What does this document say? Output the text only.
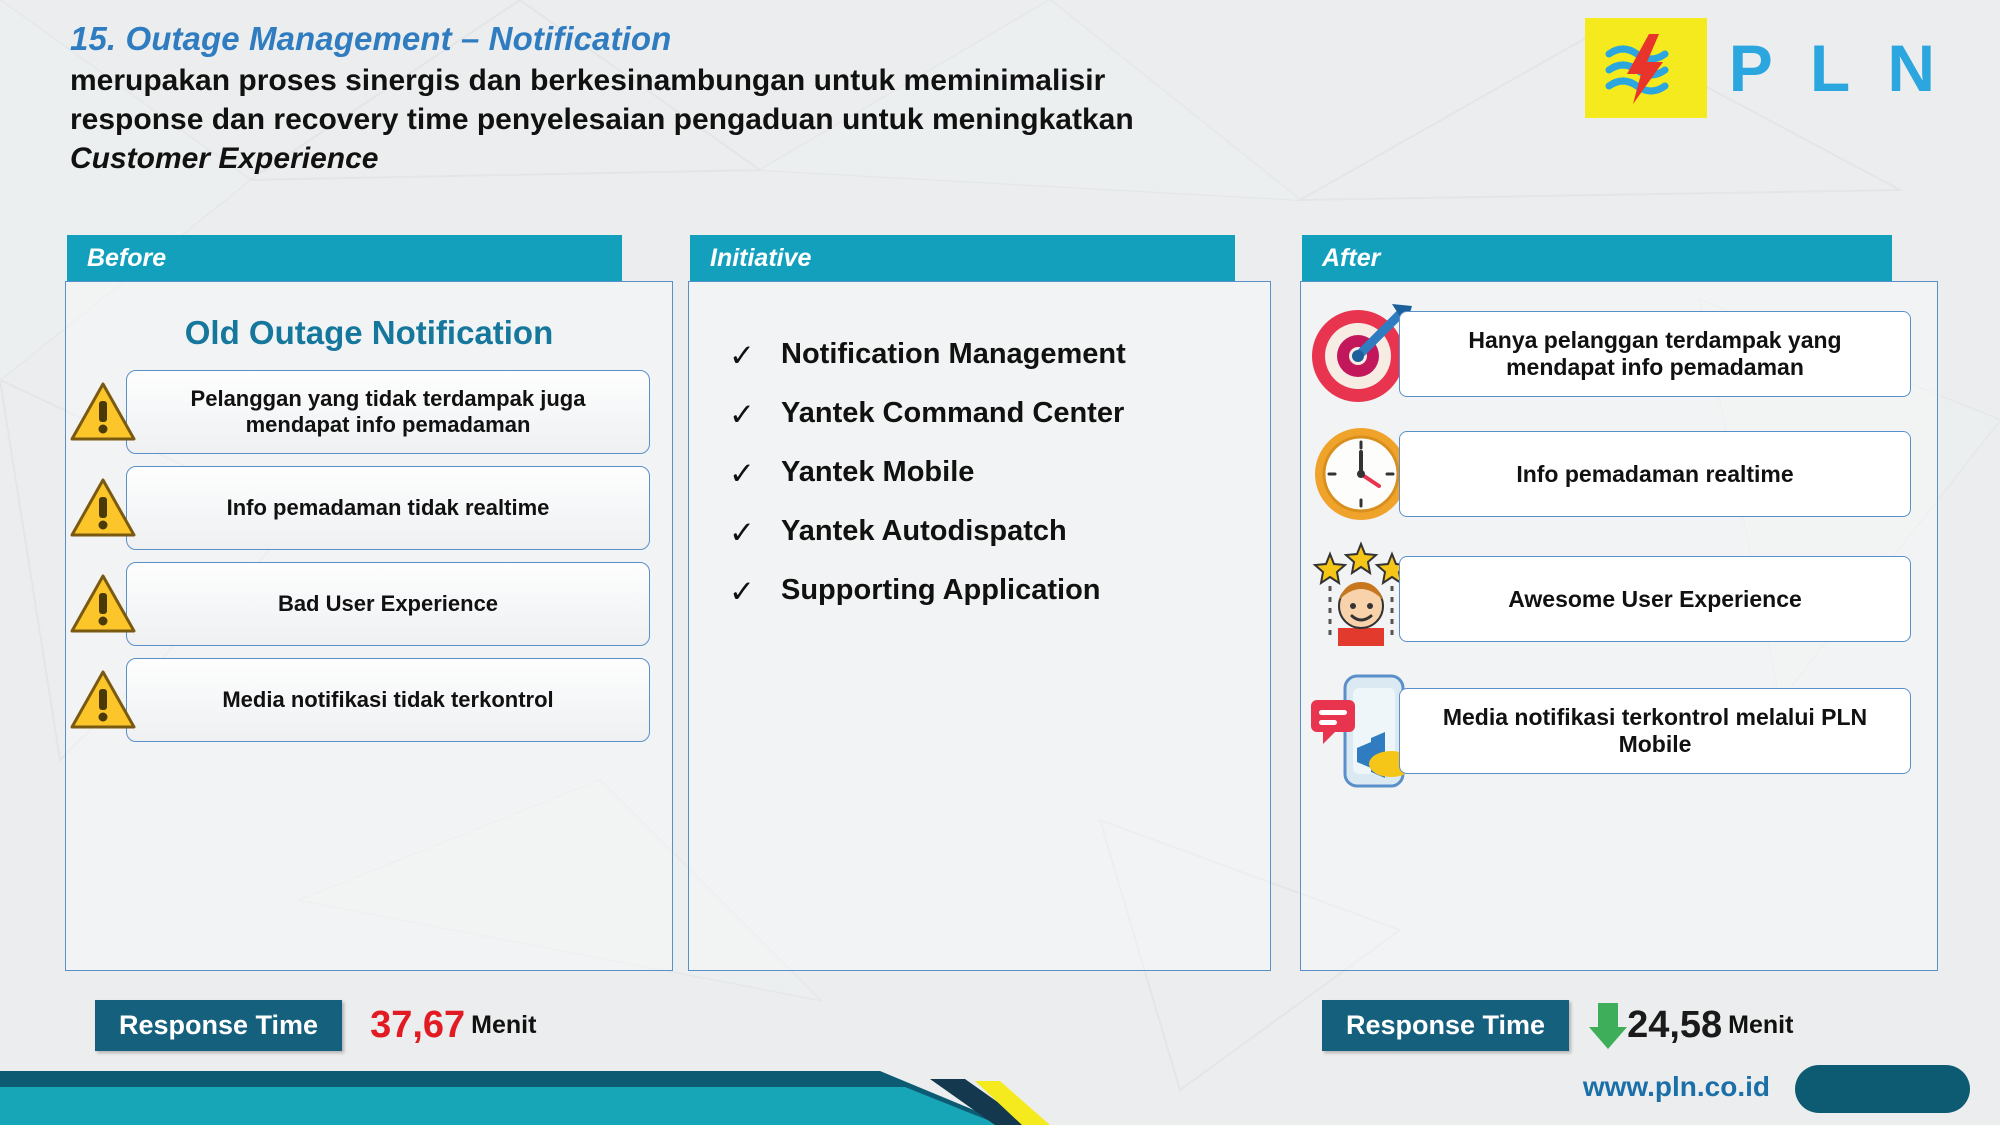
15. Outage Management – Notification
merupakan proses sinergis dan berkesinambungan untuk meminimalisir
response dan recovery time penyelesaian pengaduan untuk meningkatkan
Customer Experience
P L N
Before
Old Outage Notification
Pelanggan yang tidak terdampak juga mendapat info pemadaman
Info pemadaman tidak realtime
Bad User Experience
Media notifikasi tidak terkontrol
Initiative
✓ Notification Management
✓ Yantek Command Center
✓ Yantek Mobile
✓ Yantek Autodispatch
✓ Supporting Application
After
Hanya pelanggan terdampak yang mendapat info pemadaman
Info pemadaman realtime
Awesome User Experience
Media notifikasi terkontrol melalui PLN Mobile
Response Time	37,67 Menit	Response Time	24,58 Menit
www.pln.co.id
